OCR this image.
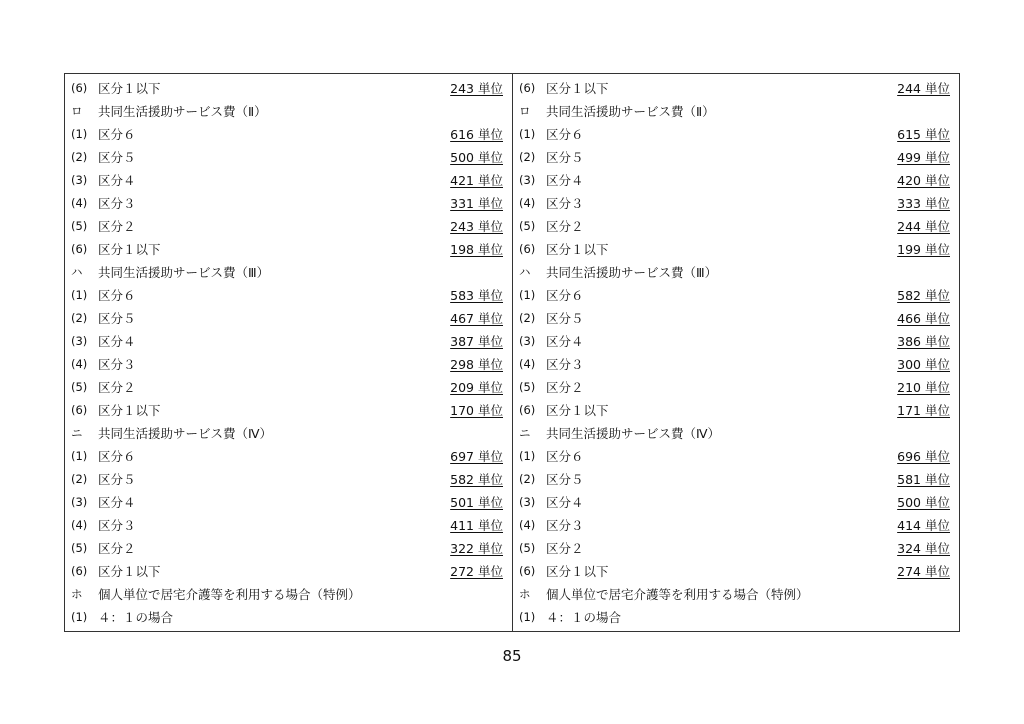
(6) 区分１以下	243 単位
ロ 共同生活援助サービス費（Ⅱ）
(1) 区分６	616 単位
(2) 区分５	500 単位
(3) 区分４	421 単位
(4) 区分３	331 単位
(5) 区分２	243 単位
(6) 区分１以下	198 単位
ハ 共同生活援助サービス費（Ⅲ）
(1) 区分６	583 単位
(2) 区分５	467 単位
(3) 区分４	387 単位
(4) 区分３	298 単位
(5) 区分２	209 単位
(6) 区分１以下	170 単位
ニ 共同生活援助サービス費（Ⅳ）
(1) 区分６	697 単位
(2) 区分５	582 単位
(3) 区分４	501 単位
(4) 区分３	411 単位
(5) 区分２	322 単位
(6) 区分１以下	272 単位
ホ 個人単位で居宅介護等を利用する場合（特例）
(1) ４：１の場合
(6) 区分１以下	244 単位
ロ 共同生活援助サービス費（Ⅱ）
(1) 区分６	615 単位
(2) 区分５	499 単位
(3) 区分４	420 単位
(4) 区分３	333 単位
(5) 区分２	244 単位
(6) 区分１以下	199 単位
ハ 共同生活援助サービス費（Ⅲ）
(1) 区分６	582 単位
(2) 区分５	466 単位
(3) 区分４	386 単位
(4) 区分３	300 単位
(5) 区分２	210 単位
(6) 区分１以下	171 単位
ニ 共同生活援助サービス費（Ⅳ）
(1) 区分６	696 単位
(2) 区分５	581 単位
(3) 区分４	500 単位
(4) 区分３	414 単位
(5) 区分２	324 単位
(6) 区分１以下	274 単位
ホ 個人単位で居宅介護等を利用する場合（特例）
(1) ４：１の場合
85
